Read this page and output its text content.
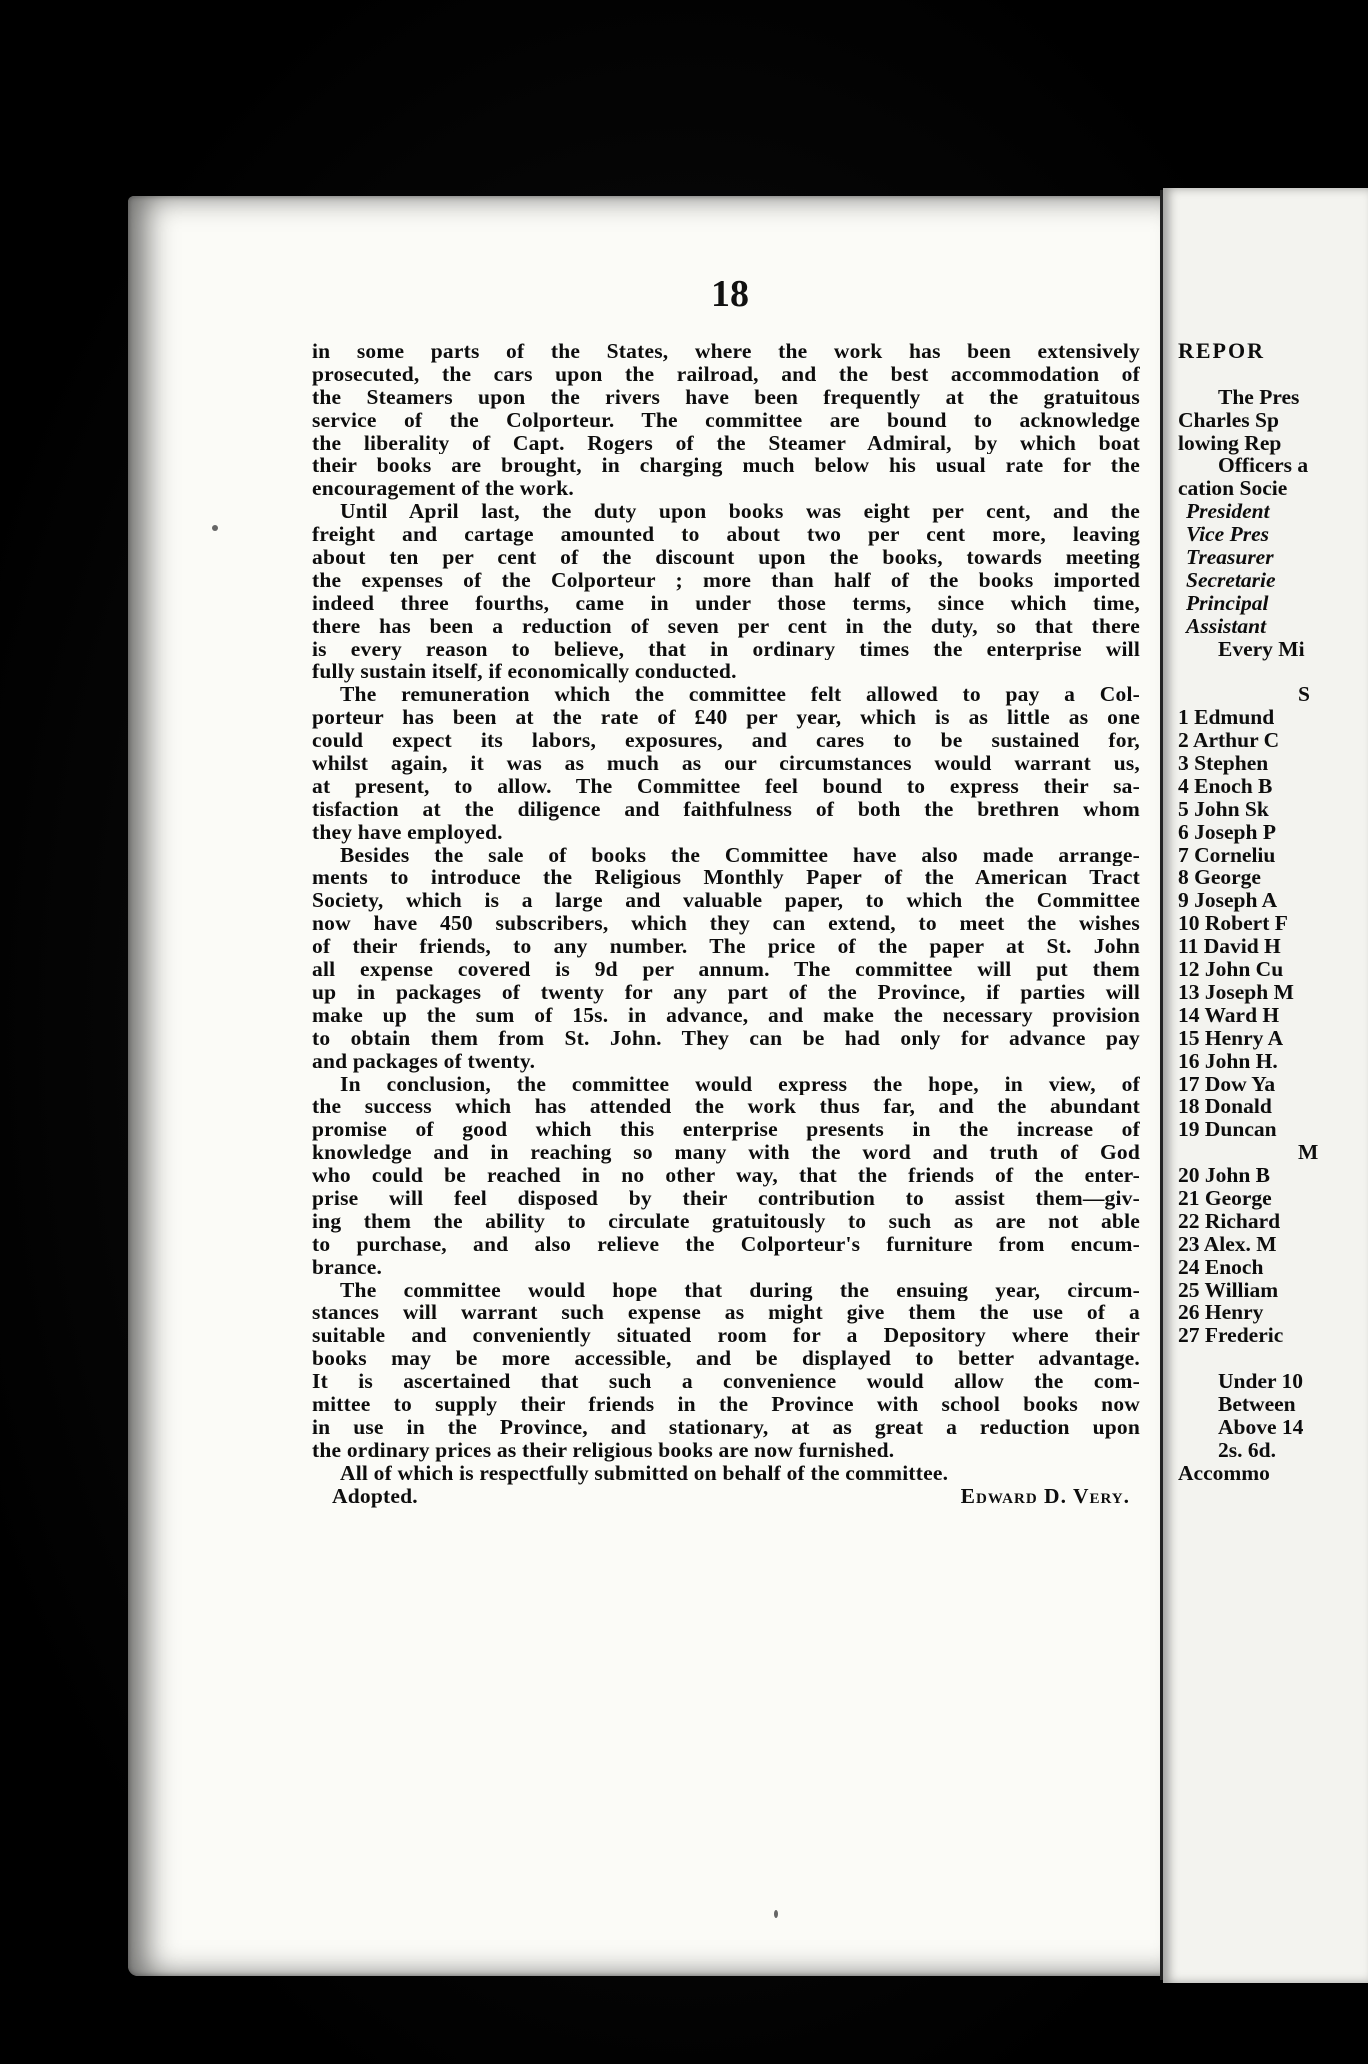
18
in some parts of the States, where the work has been extensively
prosecuted, the cars upon the railroad, and the best accommodation of
the Steamers upon the rivers have been frequently at the gratuitous
service of the Colporteur. The committee are bound to acknowledge
the liberality of Capt. Rogers of the Steamer Admiral, by which boat
their books are brought, in charging much below his usual rate for the
encouragement of the work.
Until April last, the duty upon books was eight per cent, and the
freight and cartage amounted to about two per cent more, leaving
about ten per cent of the discount upon the books, towards meeting
the expenses of the Colporteur ; more than half of the books imported
indeed three fourths, came in under those terms, since which time,
there has been a reduction of seven per cent in the duty, so that there
is every reason to believe, that in ordinary times the enterprise will
fully sustain itself, if economically conducted.
The remuneration which the committee felt allowed to pay a Col-
porteur has been at the rate of £40 per year, which is as little as one
could expect its labors, exposures, and cares to be sustained for,
whilst again, it was as much as our circumstances would warrant us,
at present, to allow. The Committee feel bound to express their sa-
tisfaction at the diligence and faithfulness of both the brethren whom
they have employed.
Besides the sale of books the Committee have also made arrange-
ments to introduce the Religious Monthly Paper of the American Tract
Society, which is a large and valuable paper, to which the Committee
now have 450 subscribers, which they can extend, to meet the wishes
of their friends, to any number. The price of the paper at St. John
all expense covered is 9d per annum. The committee will put them
up in packages of twenty for any part of the Province, if parties will
make up the sum of 15s. in advance, and make the necessary provision
to obtain them from St. John. They can be had only for advance pay
and packages of twenty.
In conclusion, the committee would express the hope, in view, of
the success which has attended the work thus far, and the abundant
promise of good which this enterprise presents in the increase of
knowledge and in reaching so many with the word and truth of God
who could be reached in no other way, that the friends of the enter-
prise will feel disposed by their contribution to assist them—giv-
ing them the ability to circulate gratuitously to such as are not able
to purchase, and also relieve the Colporteur's furniture from encum-
brance.
The committee would hope that during the ensuing year, circum-
stances will warrant such expense as might give them the use of a
suitable and conveniently situated room for a Depository where their
books may be more accessible, and be displayed to better advantage.
It is ascertained that such a convenience would allow the com-
mittee to supply their friends in the Province with school books now
in use in the Province, and stationary, at as great a reduction upon
the ordinary prices as their religious books are now furnished.
All of which is respectfully submitted on behalf of the committee.
Adopted.	Edward D. Very.
REPOR
The Pres
Charles Sp
lowing Rep
Officers a
cation Socie
President
Vice Pres
Treasurer
Secretarie
Principal
Assistant
Every Mi
S
1 Edmund
2 Arthur C
3 Stephen
4 Enoch B
5 John Sk
6 Joseph P
7 Corneliu
8 George
9 Joseph A
10 Robert F
11 David H
12 John Cu
13 Joseph M
14 Ward H
15 Henry A
16 John H.
17 Dow Ya
18 Donald
19 Duncan
M
20 John B
21 George
22 Richard
23 Alex. M
24 Enoch
25 William
26 Henry
27 Frederic
Under 10
Between
Above 14
2s. 6d.
Accommo
